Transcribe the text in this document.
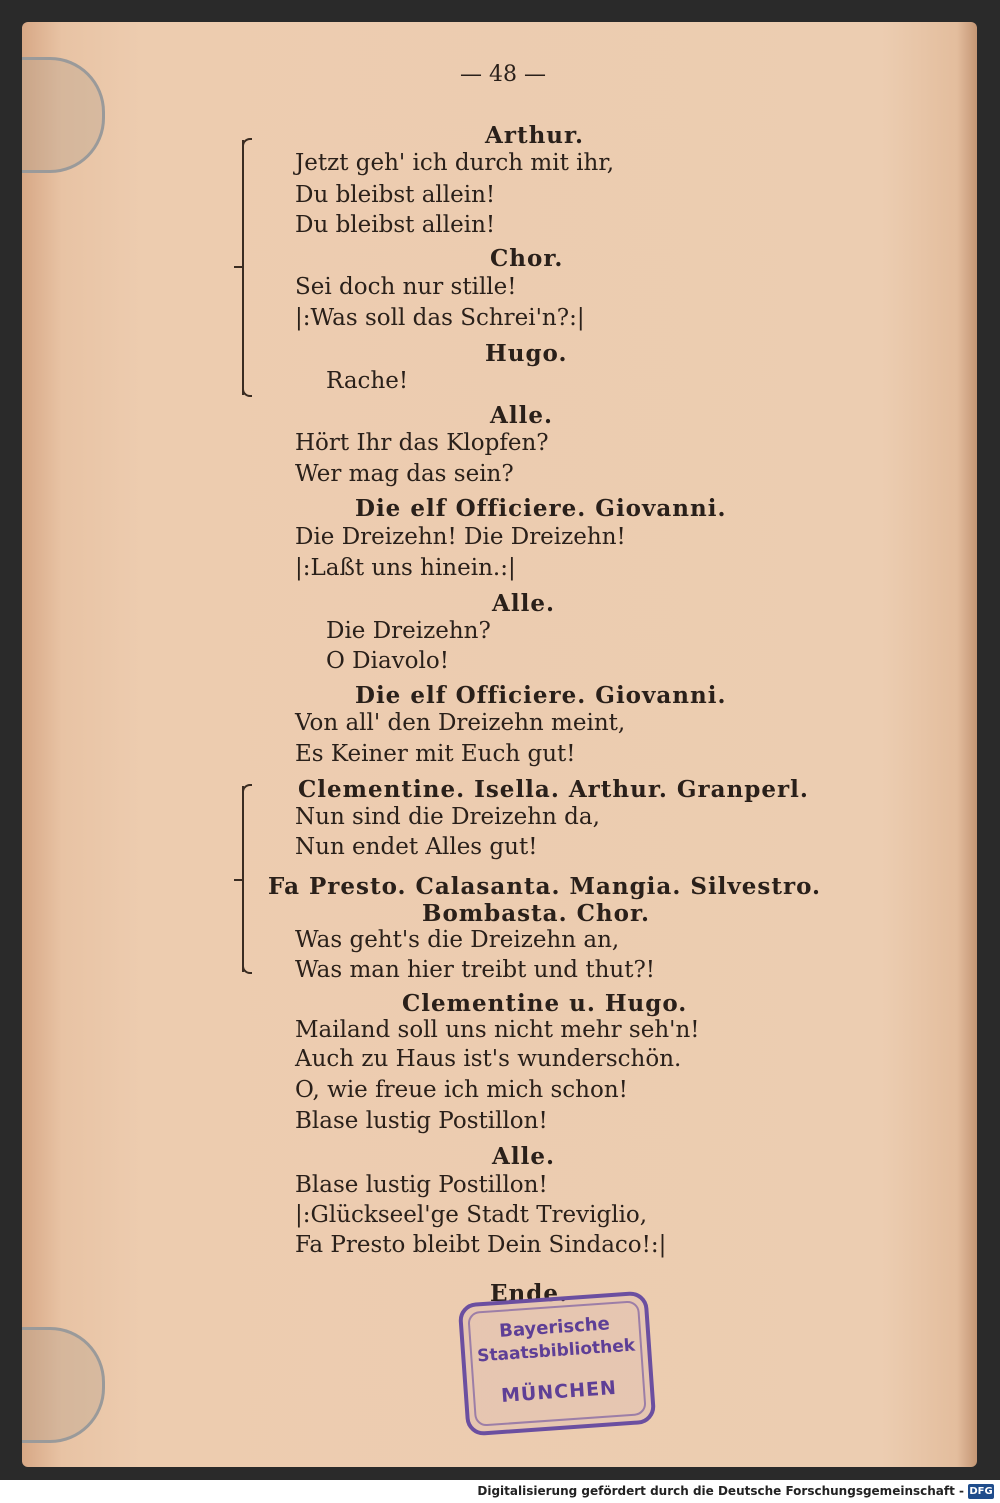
— 48 —
Arthur.
Jetzt geh' ich durch mit ihr,
Du bleibst allein!
Du bleibst allein!
Chor.
Sei doch nur stille!
|:Was soll das Schrei'n?:|
Hugo.
Rache!
Alle.
Hört Ihr das Klopfen?
Wer mag das sein?
Die elf Officiere. Giovanni.
Die Dreizehn! Die Dreizehn!
|:Laßt uns hinein.:|
Alle.
Die Dreizehn?
O Diavolo!
Die elf Officiere. Giovanni.
Von all' den Dreizehn meint,
Es Keiner mit Euch gut!
Clementine. Isella. Arthur. Granperl.
Nun sind die Dreizehn da,
Nun endet Alles gut!
Fa Presto. Calasanta. Mangia. Silvestro.
Bombasta. Chor.
Was geht's die Dreizehn an,
Was man hier treibt und thut?!
Clementine u. Hugo.
Mailand soll uns nicht mehr seh'n!
Auch zu Haus ist's wunderschön.
O, wie freue ich mich schon!
Blase lustig Postillon!
Alle.
Blase lustig Postillon!
|:Glückseel'ge Stadt Treviglio,
Fa Presto bleibt Dein Sindaco!:|
Ende.
Bayerische
Staatsbibliothek
MÜNCHEN
Digitalisierung gefördert durch die Deutsche Forschungsgemeinschaft - DFG
